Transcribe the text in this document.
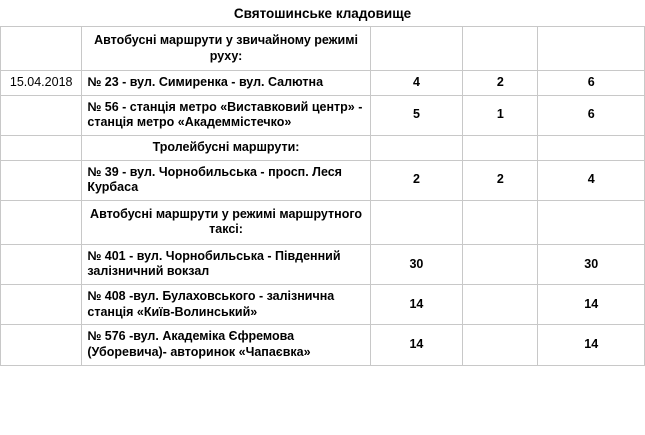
Святошинське кладовище
	Автобусні маршрути у звичайному режимі руху:			
15.04.2018	№ 23 - вул. Симиренка - вул. Салютна	4	2	6
	№ 56 - станція метро «Виставковий центр» - станція метро «Академмістечко»	5	1	6
	Тролейбусні маршрути:			
	№ 39 - вул. Чорнобильська - просп. Леся Курбаса	2	2	4
	Автобусні маршрути у режимі маршрутного таксі:			
	№ 401 - вул. Чорнобильська - Південний залізничний вокзал	30		30
	№ 408 -вул. Булаховського - залізнична станція «Київ-Волинський»	14		14
	№ 576 -вул. Академіка Єфремова (Уборевича)- авторинок «Чапаєвка»	14		14
